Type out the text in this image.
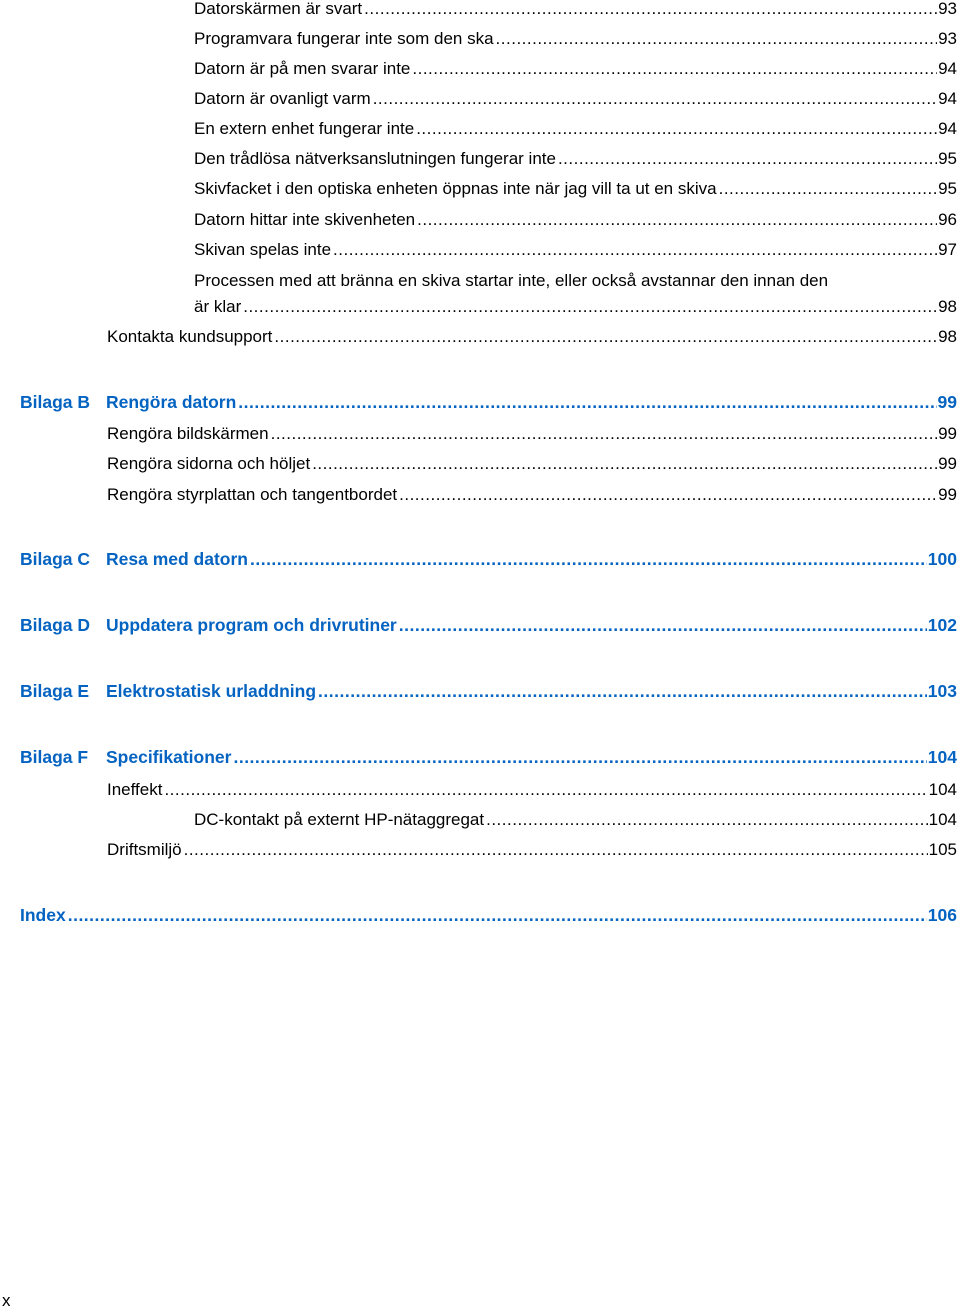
Datorskärmen är svart .....	93
Programvara fungerar inte som den ska .....	93
Datorn är på men svarar inte .....	94
Datorn är ovanligt varm .....	94
En extern enhet fungerar inte .....	94
Den trådlösa nätverksanslutningen fungerar inte .....	95
Skivfacket i den optiska enheten öppnas inte när jag vill ta ut en skiva .....	95
Datorn hittar inte skivenheten .....	96
Skivan spelas inte .....	97
Processen med att bränna en skiva startar inte, eller också avstannar den innan den
är klar .....	98
Kontakta kundsupport .....	98
Bilaga B Rengöra datorn .....	99
Rengöra bildskärmen .....	99
Rengöra sidorna och höljet .....	99
Rengöra styrplattan och tangentbordet .....	99
Bilaga C Resa med datorn .....	100
Bilaga D Uppdatera program och drivrutiner .....	102
Bilaga E Elektrostatisk urladdning .....	103
Bilaga F Specifikationer .....	104
Ineffekt .....	104
DC-kontakt på externt HP-nätaggregat .....	104
Driftsmiljö .....	105
Index .....	106
x
